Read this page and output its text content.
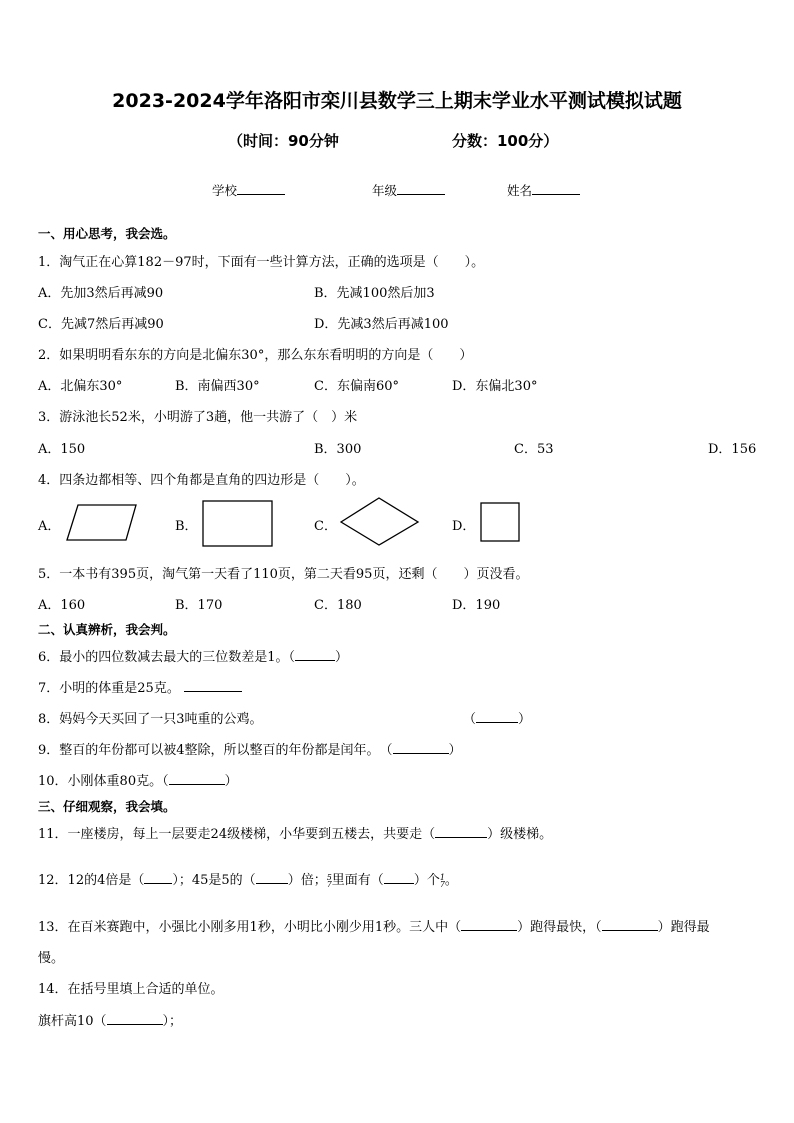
2023-2024学年洛阳市栾川县数学三上期末学业水平测试模拟试题
（时间：90分钟	分数：100分）
学校	年级	姓名
一、用心思考，我会选。
1．淘气正在心算182－97时，下面有一些计算方法，正确的选项是（　　）。
A．先加3然后再减90	B．先减100然后加3
C．先减7然后再减90	D．先减3然后再减100
2．如果明明看东东的方向是北偏东30°，那么东东看明明的方向是（　　）
A．北偏东30°	B．南偏西30°	C．东偏南60°	D．东偏北30°
3．游泳池长52米，小明游了3趟，他一共游了（　）米
A．150	B．300	C．53	D．156
4．四条边都相等、四个角都是直角的四边形是（　　）。
A．	B．	C．	D．
5．一本书有395页，淘气第一天看了110页，第二天看95页，还剩（　　）页没看。
A．160	B．170	C．180	D．190
二、认真辨析，我会判。
6．最小的四位数减去最大的三位数差是1。（	）
7．小明的体重是25克。
8．妈妈今天买回了一只3吨重的公鸡。	（	）
9．整百的年份都可以被4整除，所以整百的年份都是闰年。　（	）
10．小刚体重80克。（	）
三、仔细观察，我会填。
11．一座楼房，每上一层要走24级楼梯，小华要到五楼去，共要走（	）级楼梯。
12．12的4倍是（ ）；45是5的（ ）倍；5
7里面有（ ）个1
7。
13．在百米赛跑中，小强比小刚多用1秒，小明比小刚少用1秒。三人中（	）跑得最快，（	）跑得最
慢。
14．在括号里填上合适的单位。
旗杆高10（	）；
